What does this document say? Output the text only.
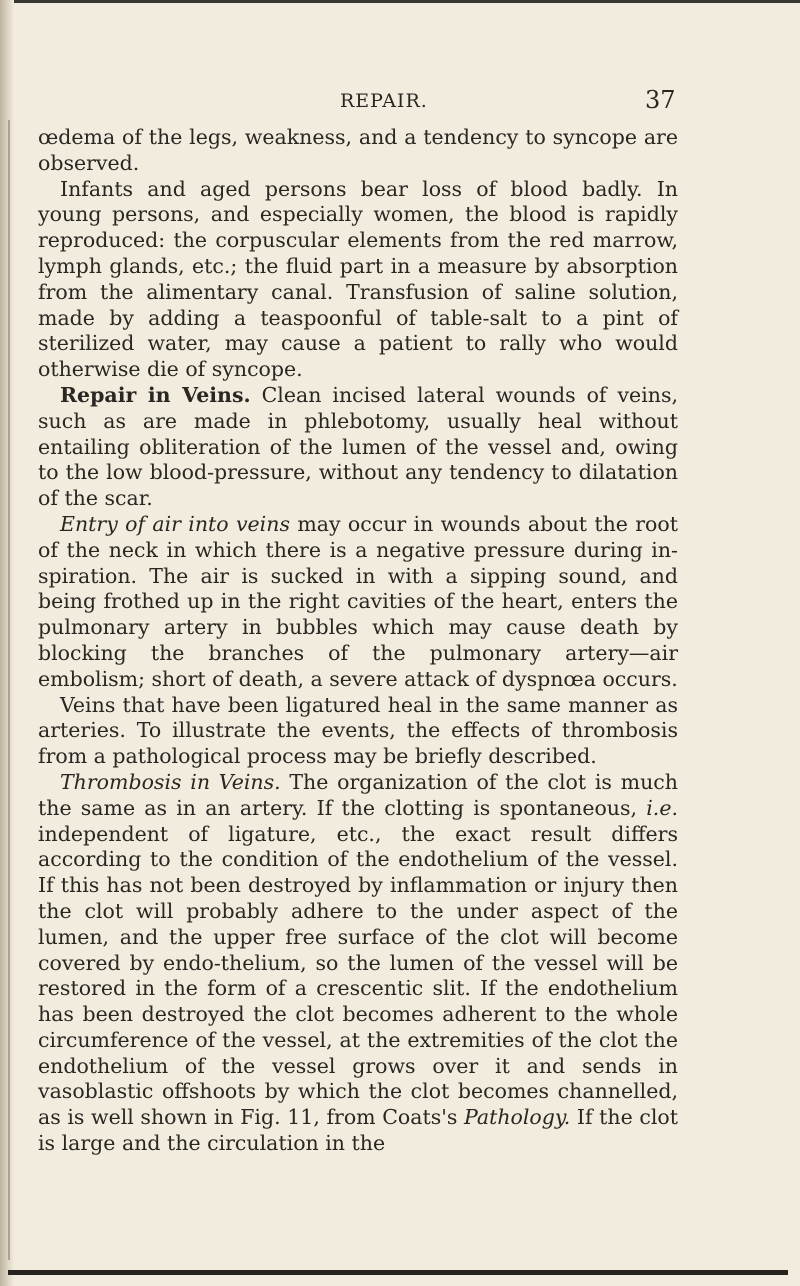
REPAIR.	37

œdema of the legs, weakness, and a tendency to syncope are observed.

Infants and aged persons bear loss of blood badly. In young persons, and especially women, the blood is rapidly reproduced: the corpuscular elements from the red marrow, lymph glands, etc.; the fluid part in a measure by absorption from the alimentary canal. Transfusion of saline solution, made by adding a teaspoonful of table-salt to a pint of sterilized water, may cause a patient to rally who would otherwise die of syncope.

Repair in Veins. Clean incised lateral wounds of veins, such as are made in phlebotomy, usually heal without entailing obliteration of the lumen of the vessel and, owing to the low blood-pressure, without any tendency to dilatation of the scar.

Entry of air into veins may occur in wounds about the root of the neck in which there is a negative pressure during in-spiration. The air is sucked in with a sipping sound, and being frothed up in the right cavities of the heart, enters the pulmonary artery in bubbles which may cause death by blocking the branches of the pulmonary artery—air embolism; short of death, a severe attack of dyspnœa occurs.

Veins that have been ligatured heal in the same manner as arteries. To illustrate the events, the effects of thrombosis from a pathological process may be briefly described.

Thrombosis in Veins. The organization of the clot is much the same as in an artery. If the clotting is spontaneous, i.e. independent of ligature, etc., the exact result differs according to the condition of the endothelium of the vessel. If this has not been destroyed by inflammation or injury then the clot will probably adhere to the under aspect of the lumen, and the upper free surface of the clot will become covered by endo-thelium, so the lumen of the vessel will be restored in the form of a crescentic slit. If the endothelium has been destroyed the clot becomes adherent to the whole circumference of the vessel, at the extremities of the clot the endothelium of the vessel grows over it and sends in vasoblastic offshoots by which the clot becomes channelled, as is well shown in Fig. 11, from Coats's Pathology. If the clot is large and the circulation in the
